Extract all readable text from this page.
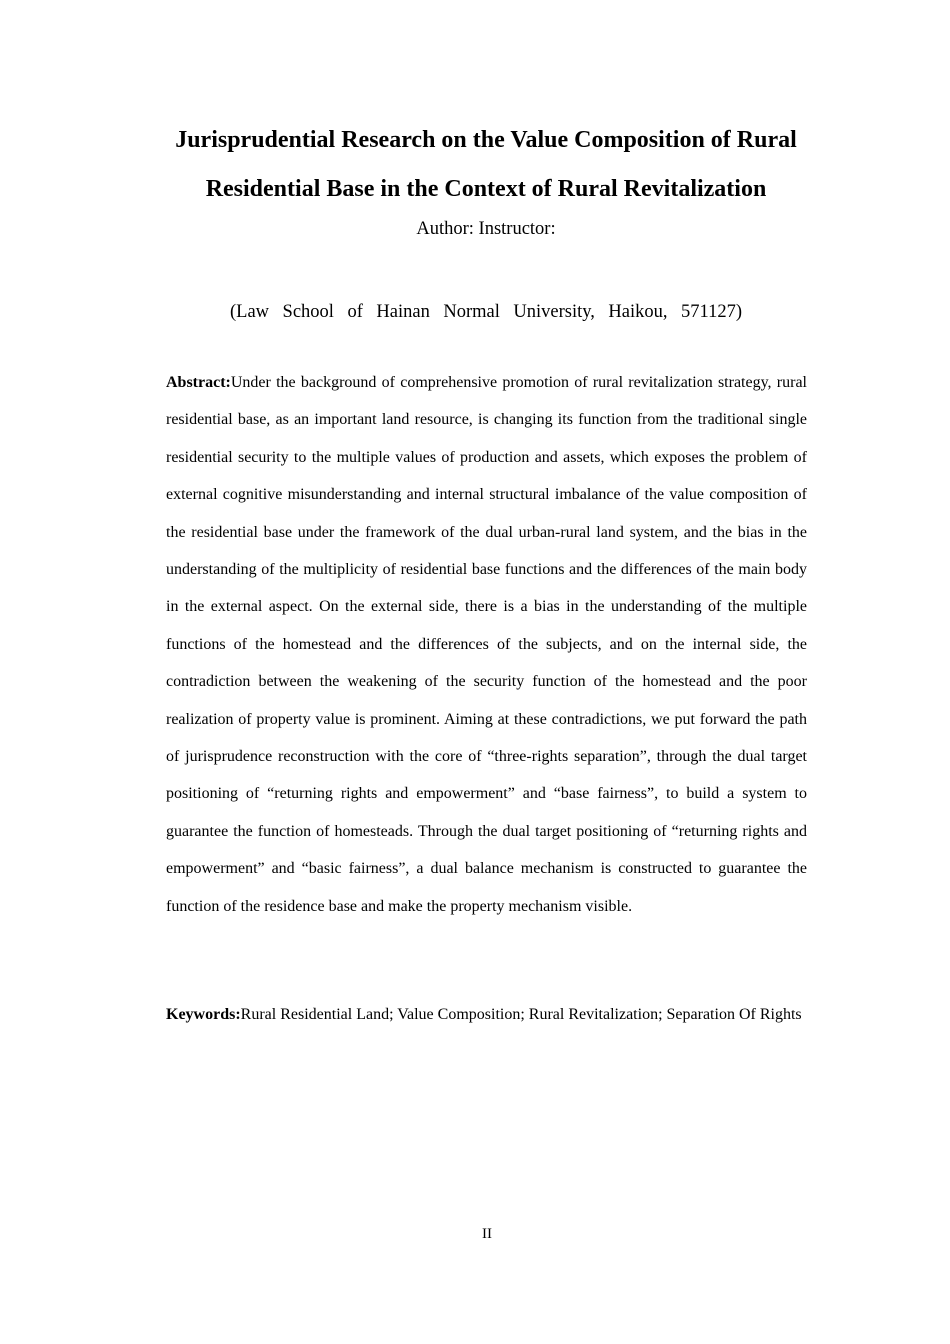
Jurisprudential Research on the Value Composition of Rural Residential Base in the Context of Rural Revitalization
Author: Instructor:
(Law School of Hainan Normal University, Haikou, 571127)

Abstract:Under the background of comprehensive promotion of rural revitalization strategy, rural residential base, as an important land resource, is changing its function from the traditional single residential security to the multiple values of production and assets, which exposes the problem of external cognitive misunderstanding and internal structural imbalance of the value composition of the residential base under the framework of the dual urban-rural land system, and the bias in the understanding of the multiplicity of residential base functions and the differences of the main body in the external aspect. On the external side, there is a bias in the understanding of the multiple functions of the homestead and the differences of the subjects, and on the internal side, the contradiction between the weakening of the security function of the homestead and the poor realization of property value is prominent. Aiming at these contradictions, we put forward the path of jurisprudence reconstruction with the core of “three-rights separation”, through the dual target positioning of “returning rights and empowerment” and “base fairness”, to build a system to guarantee the function of homesteads. Through the dual target positioning of “returning rights and empowerment” and “basic fairness”, a dual balance mechanism is constructed to guarantee the function of the residence base and make the property mechanism visible.

Keywords:Rural Residential Land; Value Composition; Rural Revitalization; Separation Of Rights

II
